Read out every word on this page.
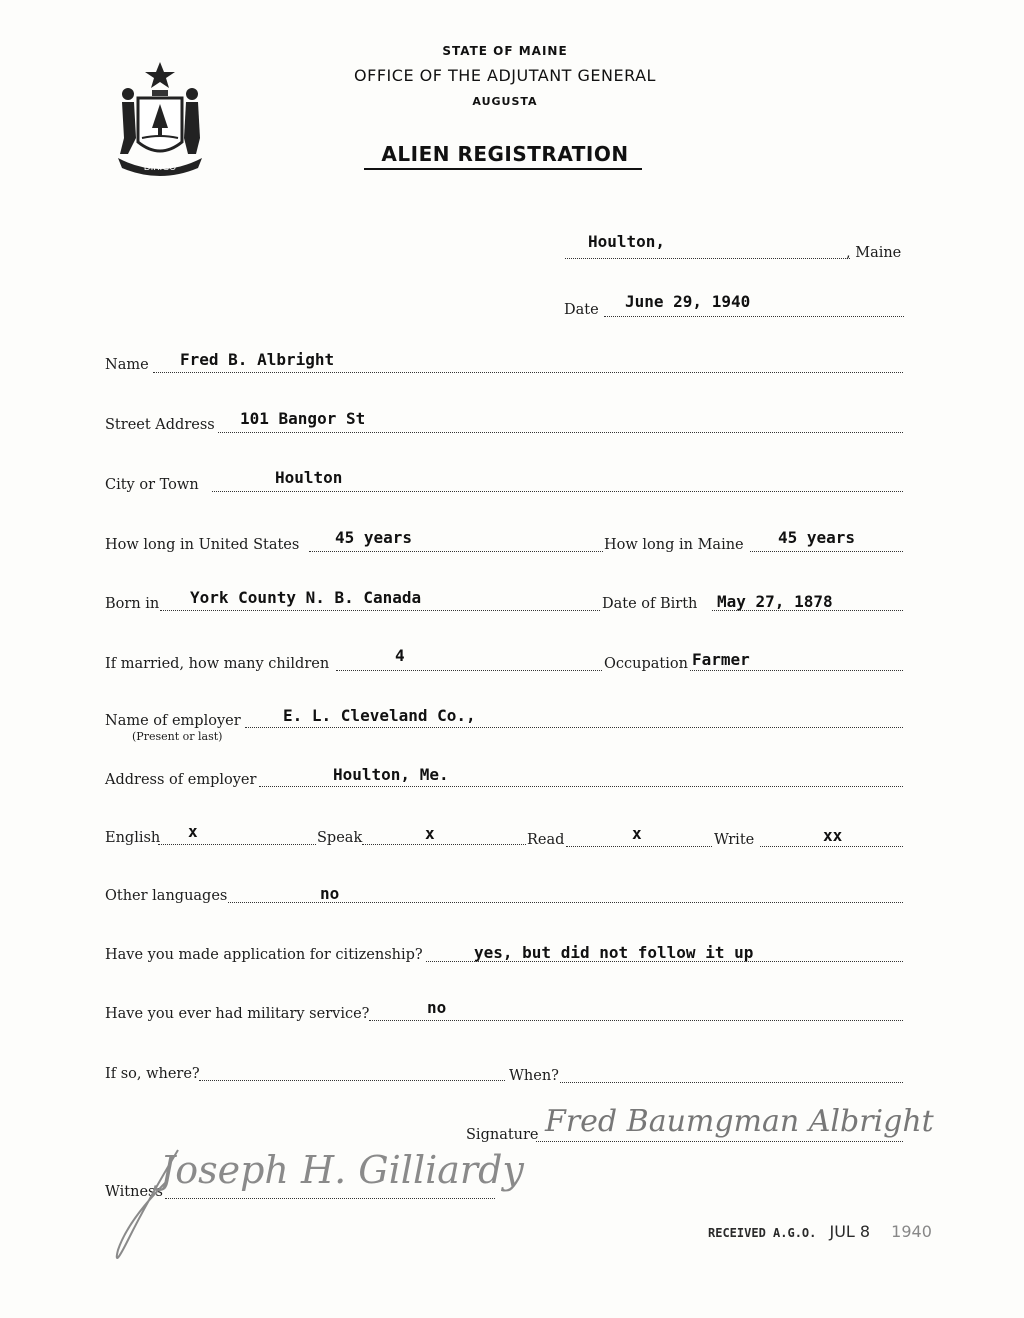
DIRIGO
STATE OF MAINE
OFFICE OF THE ADJUTANT GENERAL
AUGUSTA
ALIEN REGISTRATION
Houlton,
, Maine
Date June 29, 1940
Name Fred B. Albright
Street Address 101 Bangor St
City or Town	Houlton
How long in United States 45 years	How long in Maine 45 years
Born in York County N. B. Canada	Date of Birth May 27, 1878
If married, how many children	4	Occupation Farmer
Name of employer
(Present or last)
E. L. Cleveland Co.,
Address of employer	Houlton, Me.
English x	Speak	x	Read	x	Write	xx
Other languages	no
Have you made application for citizenship?	yes, but did not follow it up
Have you ever had military service?	no
If so, where?	When?
Signature Fred Baumgman Albright
Witness
Joseph H. Gilliardy
RECEIVED A.G.O. JUL 8 1940
